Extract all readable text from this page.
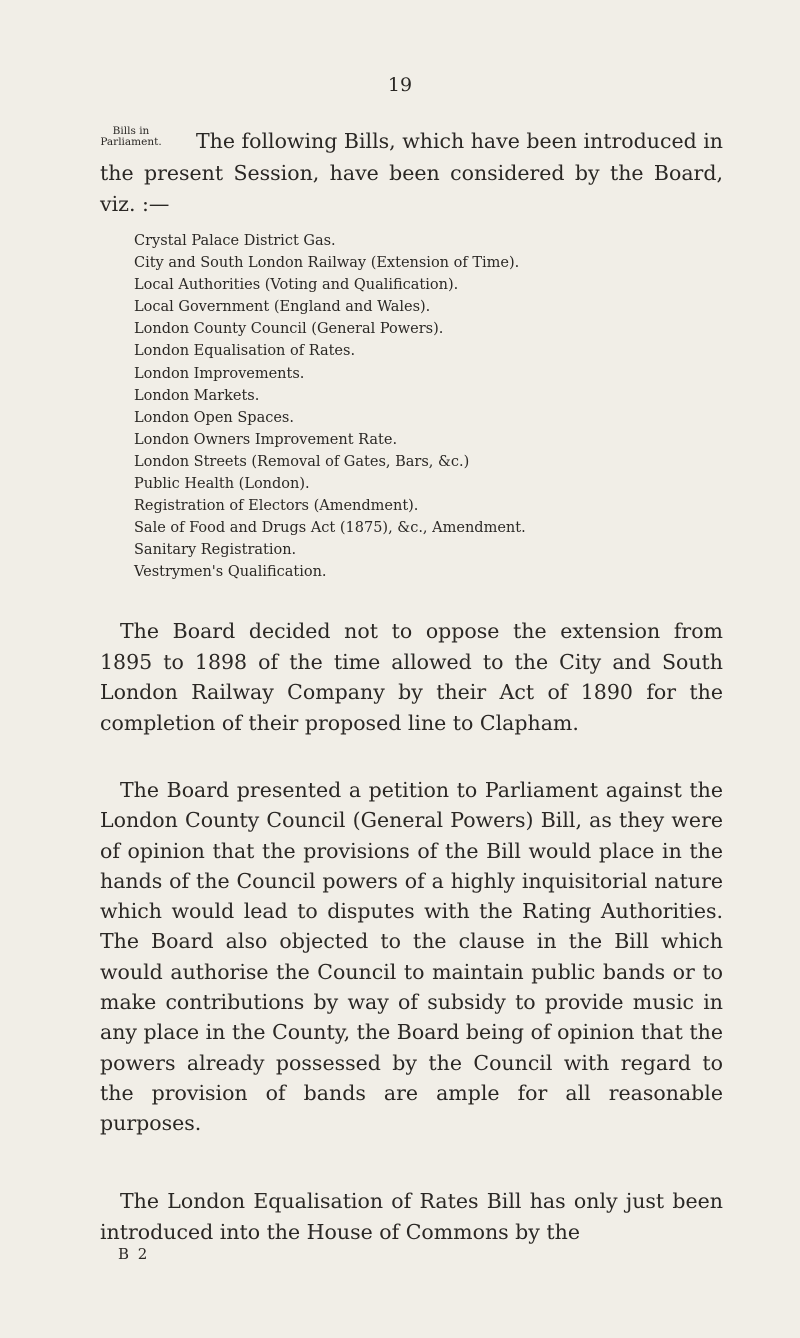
19
Bills in Parliament.	The following Bills, which have been introduced in the present Session, have been considered by the Board, viz. :—

Crystal Palace District Gas.
City and South London Railway (Extension of Time).
Local Authorities (Voting and Qualification).
Local Government (England and Wales).
London County Council (General Powers).
London Equalisation of Rates.
London Improvements.
London Markets.
London Open Spaces.
London Owners Improvement Rate.
London Streets (Removal of Gates, Bars, &c.)
Public Health (London).
Registration of Electors (Amendment).
Sale of Food and Drugs Act (1875), &c., Amendment.
Sanitary Registration.
Vestrymen's Qualification.

The Board decided not to oppose the extension from 1895 to 1898 of the time allowed to the City and South London Railway Company by their Act of 1890 for the completion of their proposed line to Clapham.

The Board presented a petition to Parliament against the London County Council (General Powers) Bill, as they were of opinion that the provisions of the Bill would place in the hands of the Council powers of a highly inquisitorial nature which would lead to disputes with the Rating Authorities. The Board also objected to the clause in the Bill which would authorise the Council to maintain public bands or to make contributions by way of subsidy to provide music in any place in the County, the Board being of opinion that the powers already possessed by the Council with regard to the provision of bands are ample for all reasonable purposes.

The London Equalisation of Rates Bill has only just been introduced into the House of Commons by the

B 2
